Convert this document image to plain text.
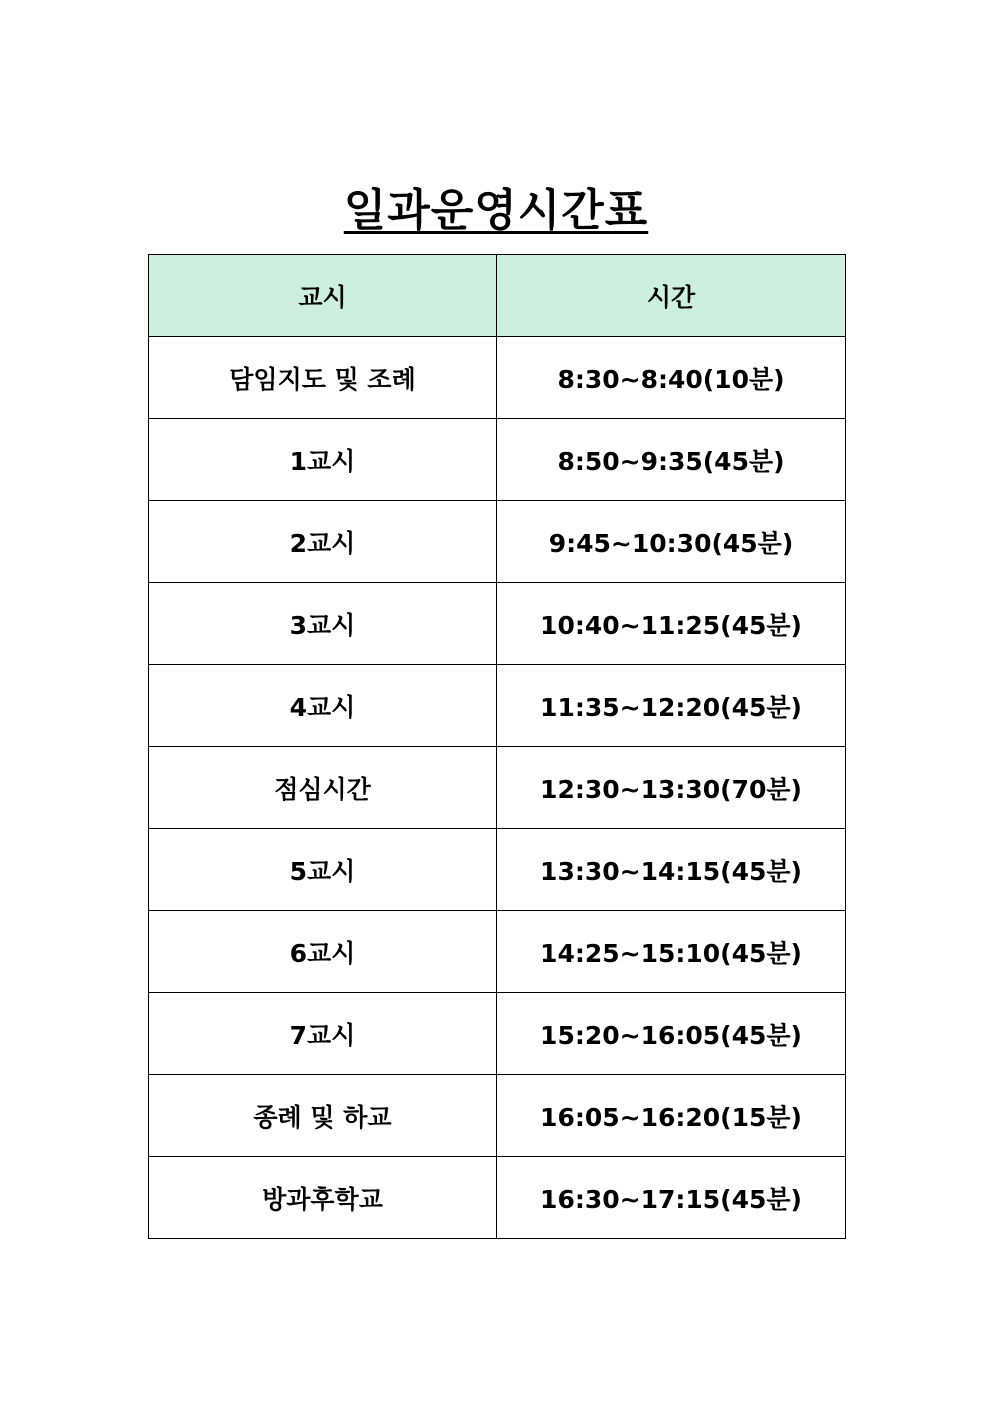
일과운영시간표
교시	시간
담임지도 및 조례	8:30~8:40(10분)
1교시	8:50~9:35(45분)
2교시	9:45~10:30(45분)
3교시	10:40~11:25(45분)
4교시	11:35~12:20(45분)
점심시간	12:30~13:30(70분)
5교시	13:30~14:15(45분)
6교시	14:25~15:10(45분)
7교시	15:20~16:05(45분)
종례 및 하교	16:05~16:20(15분)
방과후학교	16:30~17:15(45분)
